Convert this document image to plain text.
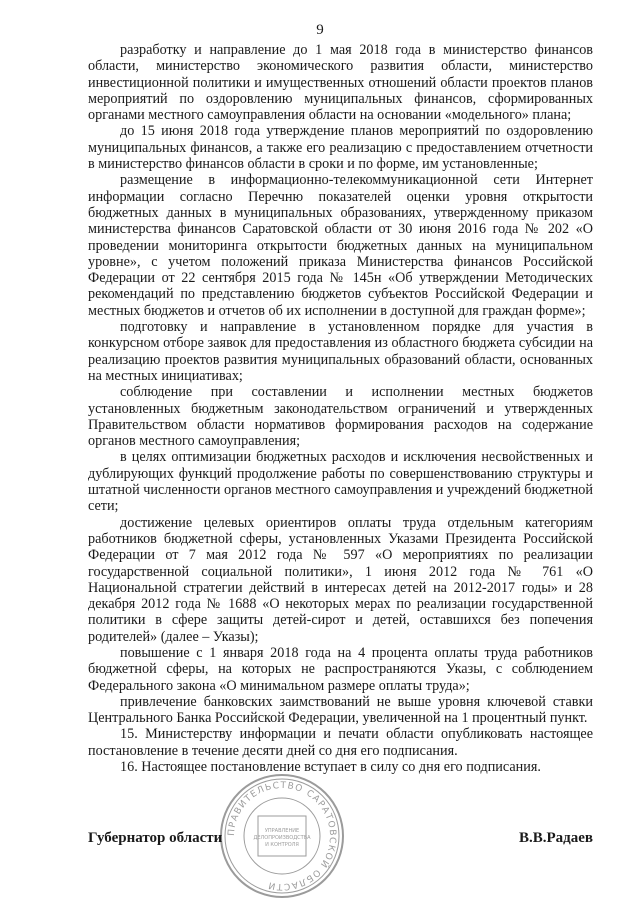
9

разработку и направление до 1 мая 2018 года в министерство финансов области, министерство экономического развития области, министерство инвестиционной политики и имущественных отношений области проектов планов мероприятий по оздоровлению муниципальных финансов, сформированных органами местного самоуправления области на основании «модельного» плана;

до 15 июня 2018 года утверждение планов мероприятий по оздоровлению муниципальных финансов, а также его реализацию с предоставлением отчетности в министерство финансов области в сроки и по форме, им установленные;

размещение в информационно-телекоммуникационной сети Интернет информации согласно Перечню показателей оценки уровня открытости бюджетных данных в муниципальных образованиях, утвержденному приказом министерства финансов Саратовской области от 30 июня 2016 года № 202 «О проведении мониторинга открытости бюджетных данных на муниципальном уровне», с учетом положений приказа Министерства финансов Российской Федерации от 22 сентября 2015 года № 145н «Об утверждении Методических рекомендаций по представлению бюджетов субъектов Российской Федерации и местных бюджетов и отчетов об их исполнении в доступной для граждан форме»;

подготовку и направление в установленном порядке для участия в конкурсном отборе заявок для предоставления из областного бюджета субсидии на реализацию проектов развития муниципальных образований области, основанных на местных инициативах;

соблюдение при составлении и исполнении местных бюджетов установленных бюджетным законодательством ограничений и утвержденных Правительством области нормативов формирования расходов на содержание органов местного самоуправления;

в целях оптимизации бюджетных расходов и исключения несвойственных и дублирующих функций продолжение работы по совершенствованию структуры и штатной численности органов местного самоуправления и учреждений бюджетной сети;

достижение целевых ориентиров оплаты труда отдельным категориям работников бюджетной сферы, установленных Указами Президента Российской Федерации от 7 мая 2012 года № 597 «О мероприятиях по реализации государственной социальной политики», 1 июня 2012 года № 761 «О Национальной стратегии действий в интересах детей на 2012-2017 годы» и 28 декабря 2012 года № 1688 «О некоторых мерах по реализации государственной политики в сфере защиты детей-сирот и детей, оставшихся без попечения родителей» (далее – Указы);

повышение с 1 января 2018 года на 4 процента оплаты труда работников бюджетной сферы, на которых не распространяются Указы, с соблюдением Федерального закона «О минимальном размере оплаты труда»;

привлечение банковских заимствований не выше уровня ключевой ставки Центрального Банка Российской Федерации, увеличенной на 1 процентный пункт.

15. Министерству информации и печати области опубликовать настоящее постановление в течение десяти дней со дня его подписания.

16. Настоящее постановление вступает в силу со дня его подписания.

ПРАВИТЕЛЬСТВО САРАТОВСКОЙ ОБЛАСТИ
УПРАВЛЕНИЕ
ДЕЛОПРОИЗВОДСТВА
И КОНТРОЛЯ
Губернатор области	В.В.Радаев
